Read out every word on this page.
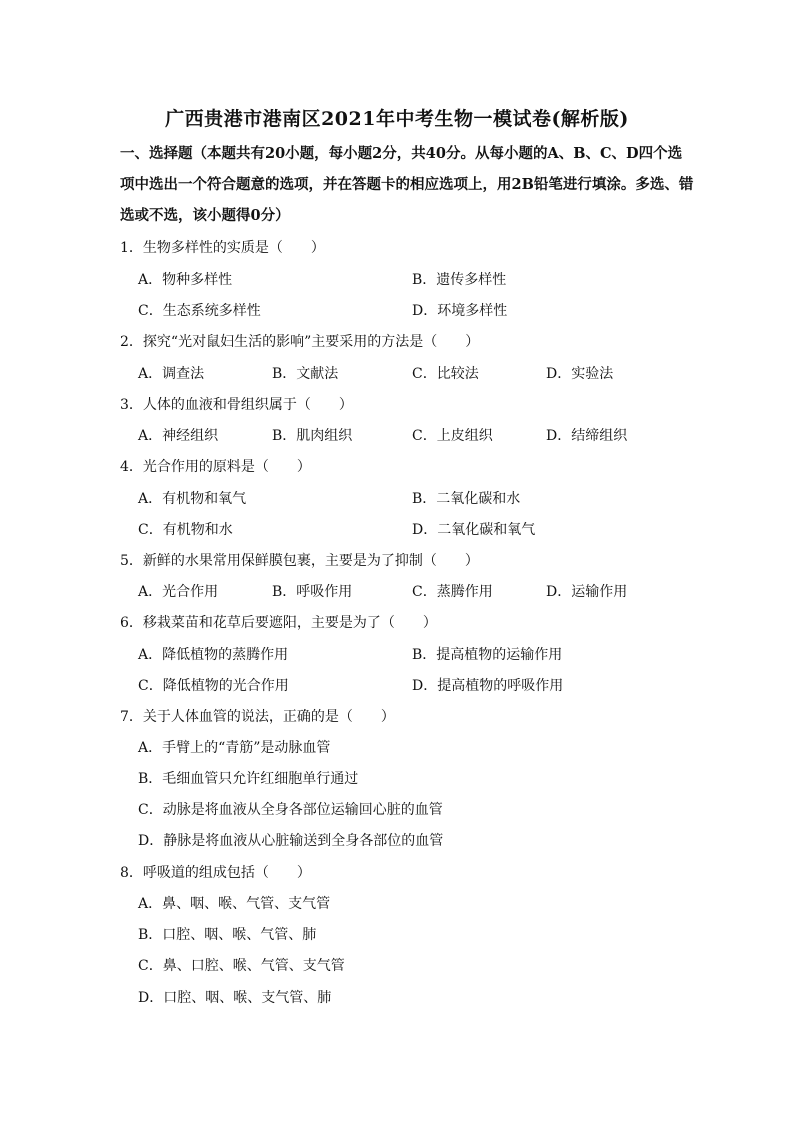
广西贵港市港南区2021年中考生物一模试卷(解析版)
一、选择题（本题共有20小题，每小题2分，共40分。从每小题的A、B、C、D四个选
项中选出一个符合题意的选项，并在答题卡的相应选项上，用2B铅笔进行填涂。多选、错
选或不选，该小题得0分）
1．生物多样性的实质是（　　）
A．物种多样性	B．遗传多样性
C．生态系统多样性	D．环境多样性
2．探究“光对鼠妇生活的影响”主要采用的方法是（　　）
A．调查法	B．文献法	C．比较法	D．实验法
3．人体的血液和骨组织属于（　　）
A．神经组织	B．肌肉组织	C．上皮组织	D．结缔组织
4．光合作用的原料是（　　）
A．有机物和氧气	B．二氧化碳和水
C．有机物和水	D．二氧化碳和氧气
5．新鲜的水果常用保鲜膜包裹，主要是为了抑制（　　）
A．光合作用	B．呼吸作用	C．蒸腾作用	D．运输作用
6．移栽菜苗和花草后要遮阳，主要是为了（　　）
A．降低植物的蒸腾作用	B．提高植物的运输作用
C．降低植物的光合作用	D．提高植物的呼吸作用
7．关于人体血管的说法，正确的是（　　）
A．手臂上的“青筋”是动脉血管
B．毛细血管只允许红细胞单行通过
C．动脉是将血液从全身各部位运输回心脏的血管
D．静脉是将血液从心脏输送到全身各部位的血管
8．呼吸道的组成包括（　　）
A．鼻、咽、喉、气管、支气管
B．口腔、咽、喉、气管、肺
C．鼻、口腔、喉、气管、支气管
D．口腔、咽、喉、支气管、肺
